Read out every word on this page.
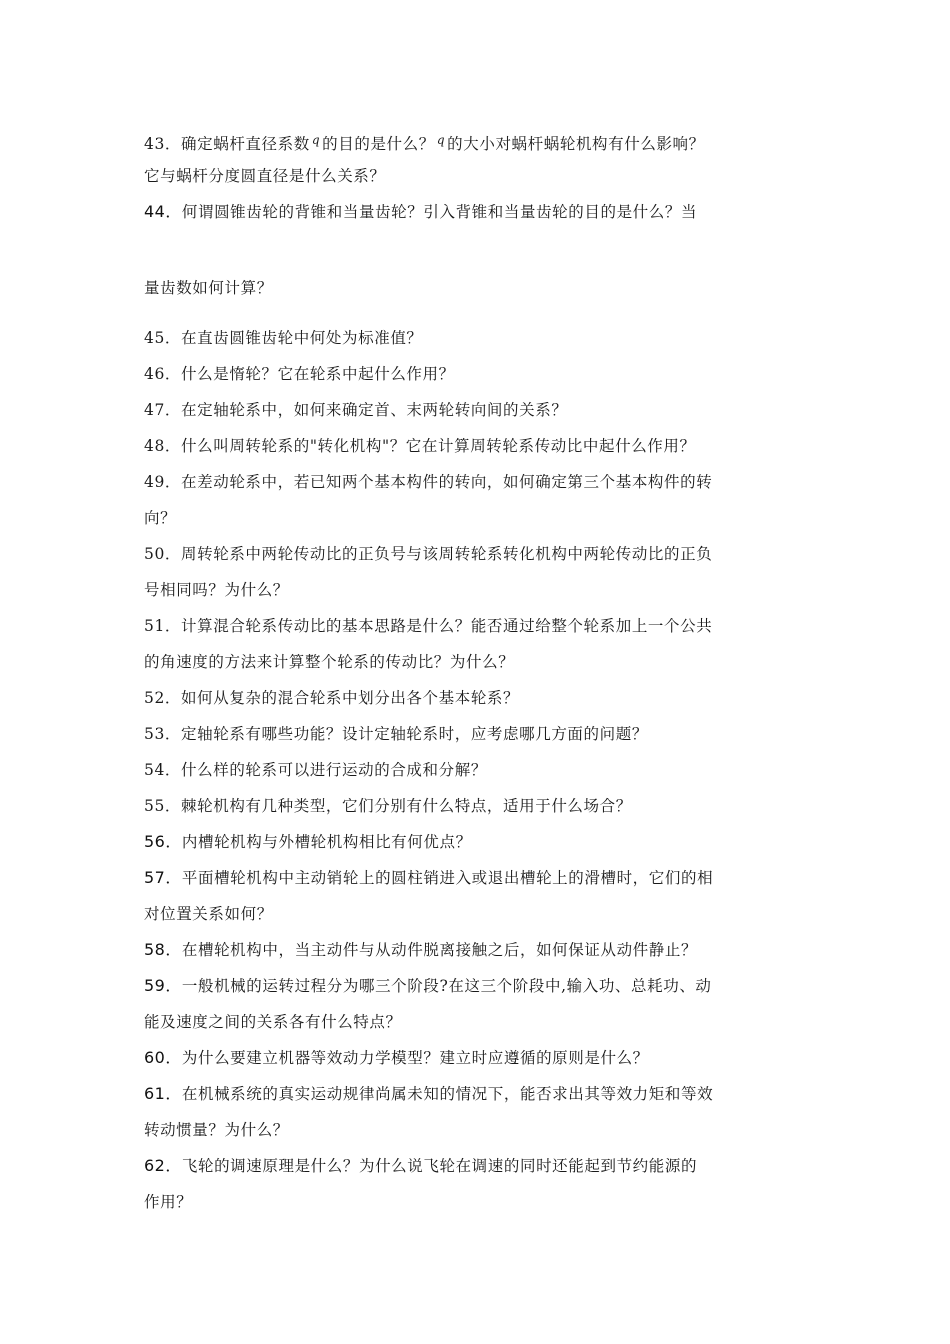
43．确定蜗杆直径系数 $^q$ 的目的是什么？ $^q$ 的大小对蜗杆蜗轮机构有什么影响？
它与蜗杆分度圆直径是什么关系？
44．何谓圆锥齿轮的背锥和当量齿轮？引入背锥和当量齿轮的目的是什么？当
量齿数如何计算？
45．在直齿圆锥齿轮中何处为标准值？
46．什么是惰轮？它在轮系中起什么作用？
47．在定轴轮系中，如何来确定首、末两轮转向间的关系？
48．什么叫周转轮系的"转化机构"？它在计算周转轮系传动比中起什么作用？
49．在差动轮系中，若已知两个基本构件的转向，如何确定第三个基本构件的转
向？
50．周转轮系中两轮传动比的正负号与该周转轮系转化机构中两轮传动比的正负
号相同吗？为什么？
51．计算混合轮系传动比的基本思路是什么？能否通过给整个轮系加上一个公共
的角速度的方法来计算整个轮系的传动比？为什么？
52．如何从复杂的混合轮系中划分出各个基本轮系？
53．定轴轮系有哪些功能？设计定轴轮系时，应考虑哪几方面的问题？
54．什么样的轮系可以进行运动的合成和分解？
55．棘轮机构有几种类型，它们分别有什么特点，适用于什么场合？
56．内槽轮机构与外槽轮机构相比有何优点？
57．平面槽轮机构中主动销轮上的圆柱销进入或退出槽轮上的滑槽时，它们的相
对位置关系如何？
58．在槽轮机构中，当主动件与从动件脱离接触之后，如何保证从动件静止？
59．一般机械的运转过程分为哪三个阶段?在这三个阶段中,输入功、总耗功、动
能及速度之间的关系各有什么特点？
60．为什么要建立机器等效动力学模型？建立时应遵循的原则是什么？
61．在机械系统的真实运动规律尚属未知的情况下，能否求出其等效力矩和等效
转动惯量？为什么？
62．飞轮的调速原理是什么？为什么说飞轮在调速的同时还能起到节约能源的
作用？
